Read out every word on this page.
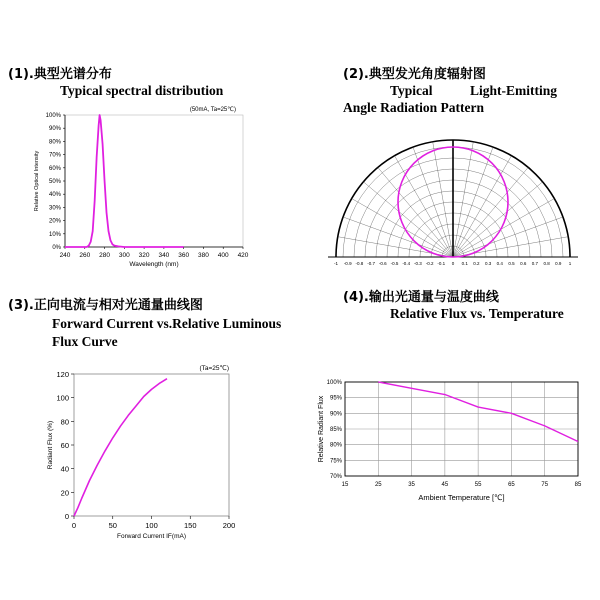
(1).典型光谱分布
Typical spectral distribution
(2).典型发光角度辐射图
Typical	Light-Emitting
Angle Radiation Pattern
(3).正向电流与相对光通量曲线图
Forward Current vs.Relative Luminous
Flux Curve
(4).输出光通量与温度曲线
Relative Flux vs. Temperature
0%
10%
20%
30%
40%
50%
60%
70%
80%
90%
100%
240 260 280 300 320 340 360 380 400 420
Wavelength (nm)
Relative Optical Intensity
(50mA, Ta=25℃)
-1 -0.9 -0.8 -0.7 -0.6 -0.5 -0.4 -0.3 -0.2 -0.1 0 0.1 0.2 0.3 0.4 0.5 0.6 0.7 0.8 0.9 1
0
20
40
60
80
100
120
0	50	100	150	200
Forward Current IF(mA)
Radiant Flux (%)
(Ta=25℃)
70%
75%
80%
85%
90%
95%
100%
15	25	35	45	55	65	75	85
Ambient Temperature [℃]
Relative Radiant Flux
